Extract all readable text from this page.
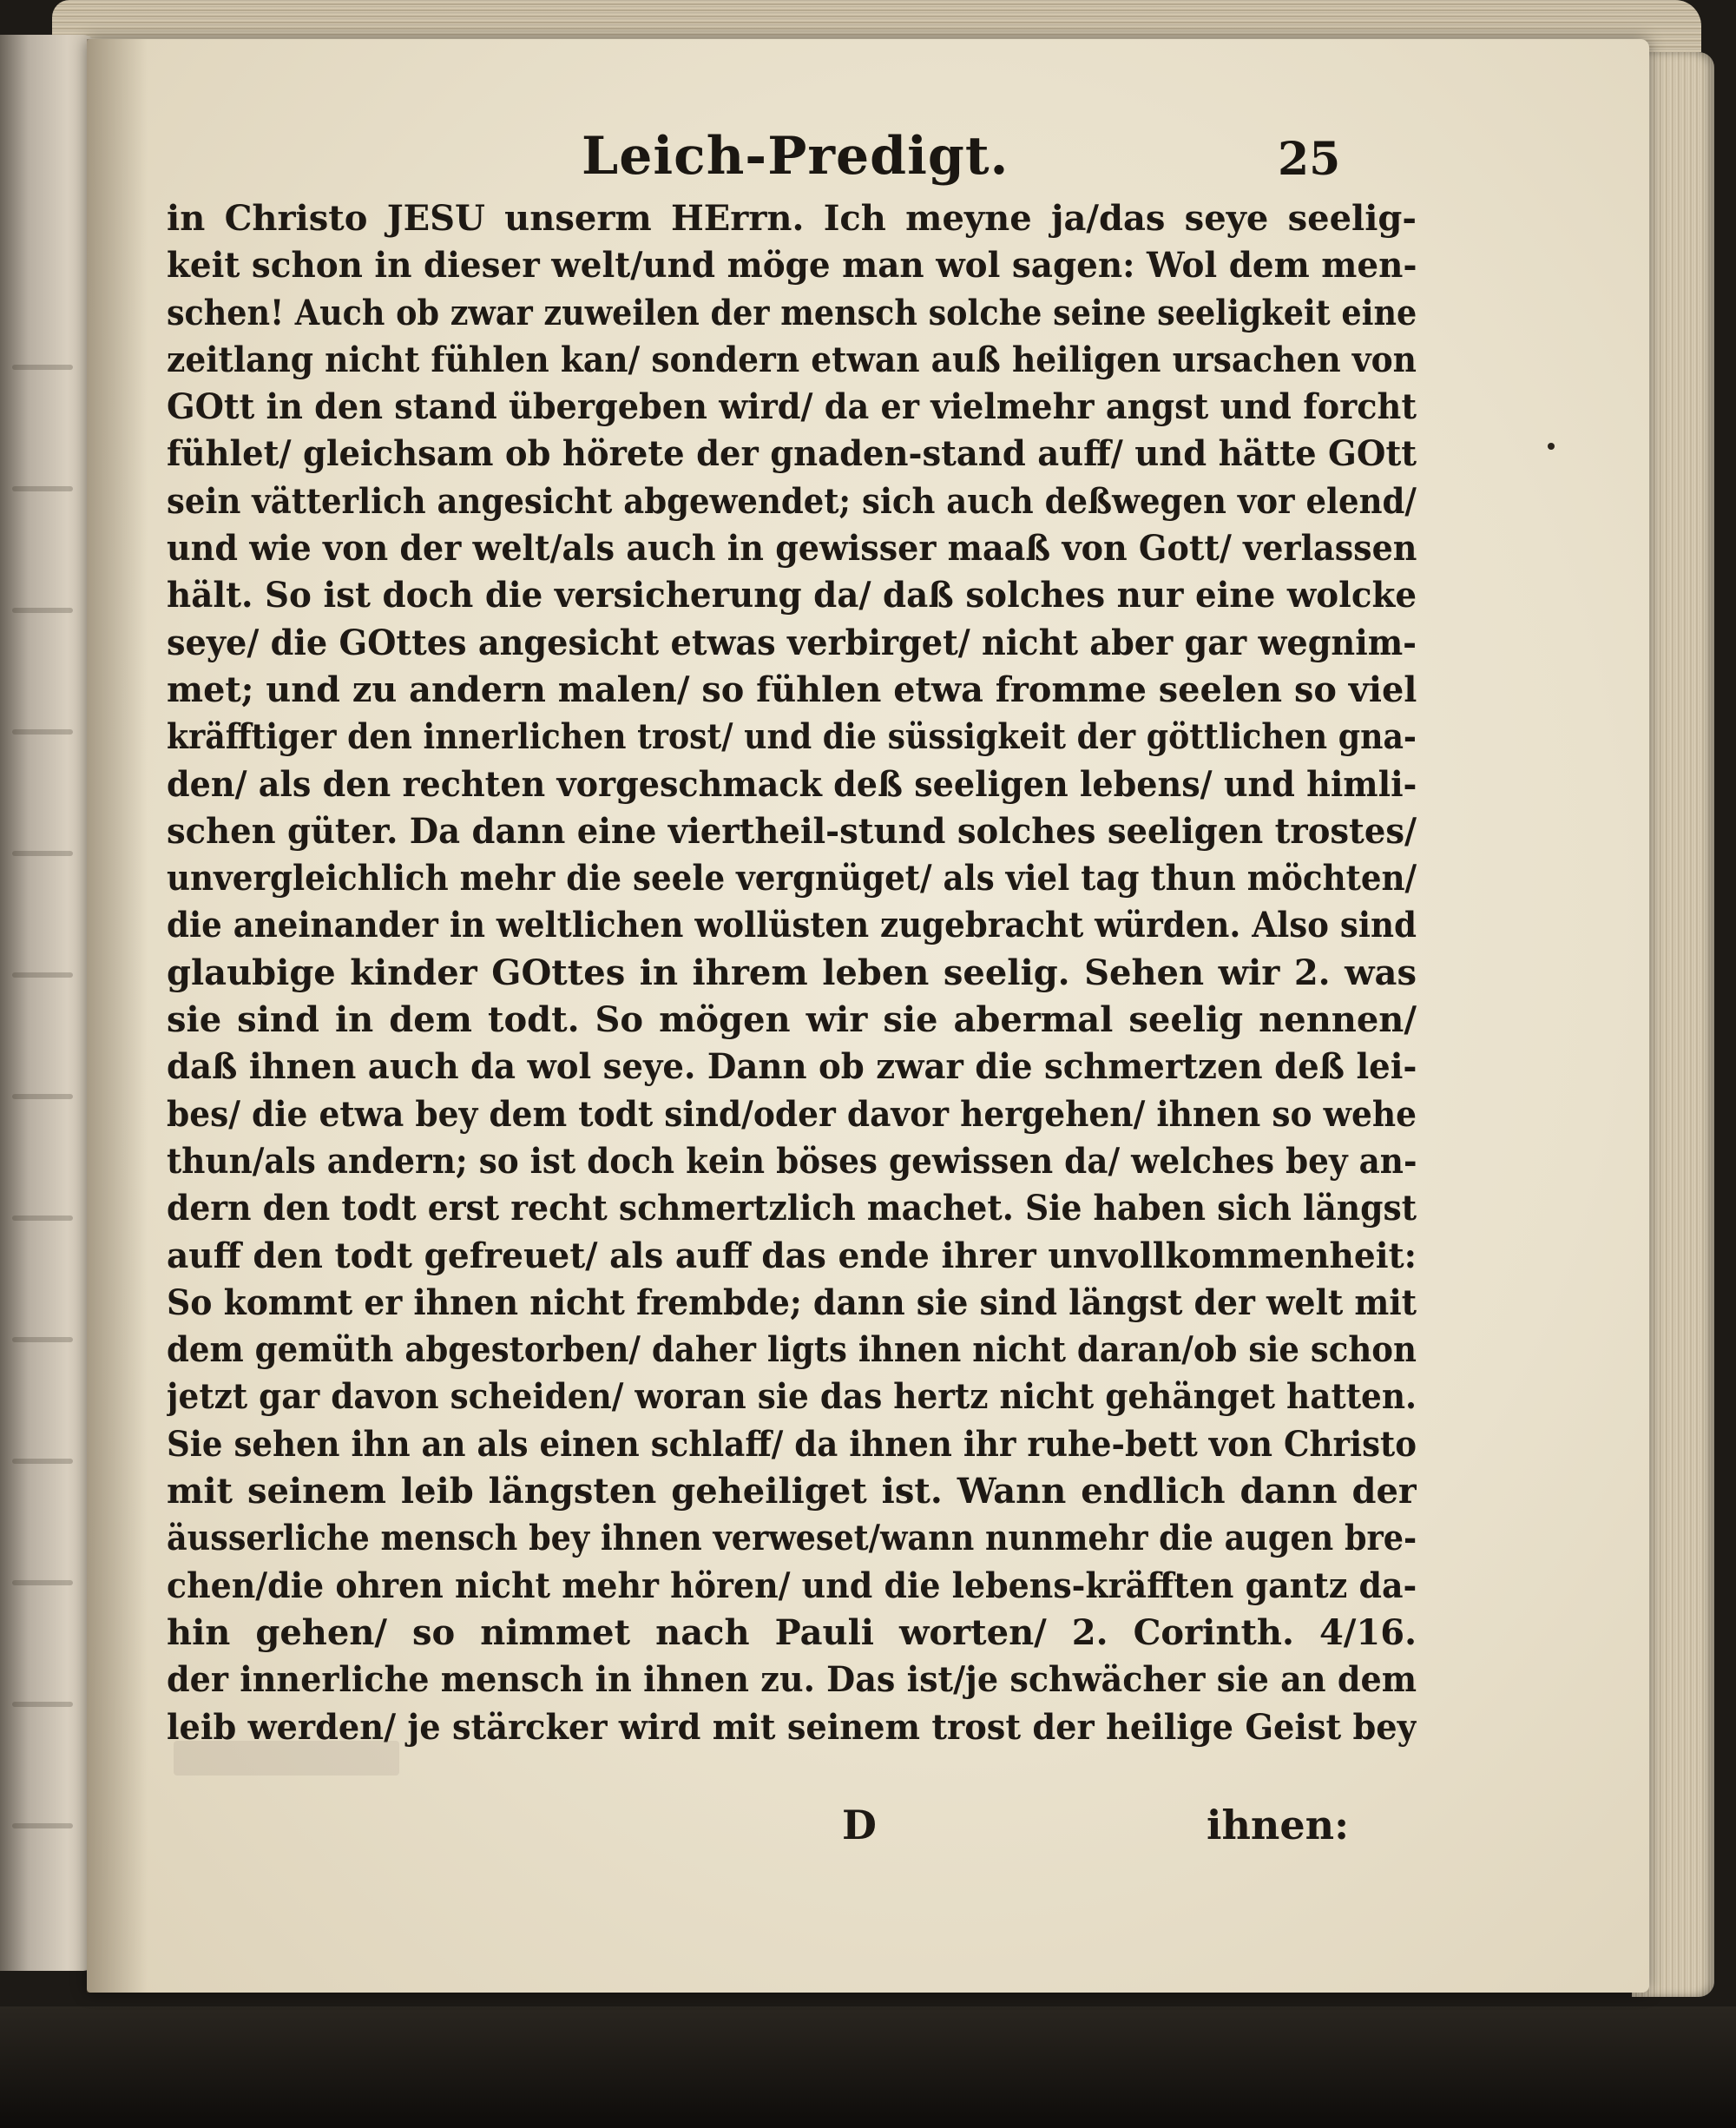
Leich-Predigt.	25
in Christo JESU unserm HErrn. Ich meyne ja/das seye seelig-
keit schon in dieser welt/und möge man wol sagen: Wol dem men-
schen! Auch ob zwar zuweilen der mensch solche seine seeligkeit eine
zeitlang nicht fühlen kan/ sondern etwan auß heiligen ursachen von
GOtt in den stand übergeben wird/ da er vielmehr angst und forcht
fühlet/ gleichsam ob hörete der gnaden-stand auff/ und hätte GOtt
sein vätterlich angesicht abgewendet; sich auch deßwegen vor elend/
und wie von der welt/als auch in gewisser maaß von Gott/ verlassen
hält. So ist doch die versicherung da/ daß solches nur eine wolcke
seye/ die GOttes angesicht etwas verbirget/ nicht aber gar wegnim-
met; und zu andern malen/ so fühlen etwa fromme seelen so viel
kräfftiger den innerlichen trost/ und die süssigkeit der göttlichen gna-
den/ als den rechten vorgeschmack deß seeligen lebens/ und himli-
schen güter. Da dann eine viertheil-stund solches seeligen trostes/
unvergleichlich mehr die seele vergnüget/ als viel tag thun möchten/
die aneinander in weltlichen wollüsten zugebracht würden. Also sind
glaubige kinder GOttes in ihrem leben seelig. Sehen wir 2. was
sie sind in dem todt. So mögen wir sie abermal seelig nennen/
daß ihnen auch da wol seye. Dann ob zwar die schmertzen deß lei-
bes/ die etwa bey dem todt sind/oder davor hergehen/ ihnen so wehe
thun/als andern; so ist doch kein böses gewissen da/ welches bey an-
dern den todt erst recht schmertzlich machet. Sie haben sich längst
auff den todt gefreuet/ als auff das ende ihrer unvollkommenheit:
So kommt er ihnen nicht frembde; dann sie sind längst der welt mit
dem gemüth abgestorben/ daher ligts ihnen nicht daran/ob sie schon
jetzt gar davon scheiden/ woran sie das hertz nicht gehänget hatten.
Sie sehen ihn an als einen schlaff/ da ihnen ihr ruhe-bett von Christo
mit seinem leib längsten geheiliget ist. Wann endlich dann der
äusserliche mensch bey ihnen verweset/wann nunmehr die augen bre-
chen/die ohren nicht mehr hören/ und die lebens-kräfften gantz da-
hin gehen/ so nimmet nach Pauli worten/ 2. Corinth. 4/16.
der innerliche mensch in ihnen zu. Das ist/je schwächer sie an dem
leib werden/ je stärcker wird mit seinem trost der heilige Geist bey
D	ihnen:
